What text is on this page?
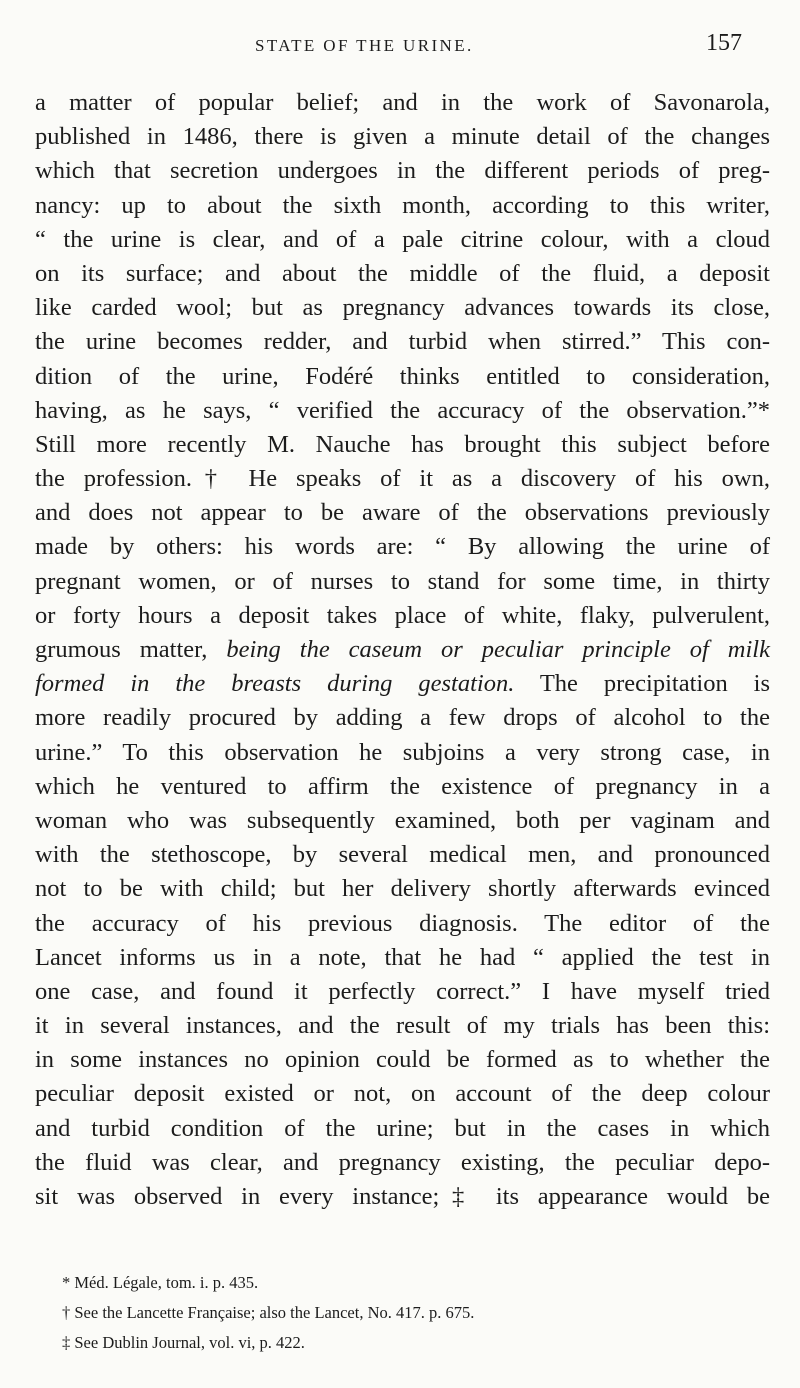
STATE OF THE URINE.	157
a matter of popular belief; and in the work of Savonarola,
published in 1486, there is given a minute detail of the changes
which that secretion undergoes in the different periods of preg-
nancy: up to about the sixth month, according to this writer,
“ the urine is clear, and of a pale citrine colour, with a cloud
on its surface; and about the middle of the fluid, a deposit
like carded wool; but as pregnancy advances towards its close,
the urine becomes redder, and turbid when stirred.” This con-
dition of the urine, Fodéré thinks entitled to consideration,
having, as he says, “ verified the accuracy of the observation.”*
Still more recently M. Nauche has brought this subject before
the profession.† He speaks of it as a discovery of his own,
and does not appear to be aware of the observations previously
made by others: his words are: “ By allowing the urine of
pregnant women, or of nurses to stand for some time, in thirty
or forty hours a deposit takes place of white, flaky, pulverulent,
grumous matter, being the caseum or peculiar principle of milk
formed in the breasts during gestation. The precipitation is
more readily procured by adding a few drops of alcohol to the
urine.” To this observation he subjoins a very strong case, in
which he ventured to affirm the existence of pregnancy in a
woman who was subsequently examined, both per vaginam and
with the stethoscope, by several medical men, and pronounced
not to be with child; but her delivery shortly afterwards evinced
the accuracy of his previous diagnosis. The editor of the
Lancet informs us in a note, that he had “ applied the test in
one case, and found it perfectly correct.” I have myself tried
it in several instances, and the result of my trials has been this:
in some instances no opinion could be formed as to whether the
peculiar deposit existed or not, on account of the deep colour
and turbid condition of the urine; but in the cases in which
the fluid was clear, and pregnancy existing, the peculiar depo-
sit was observed in every instance;‡ its appearance would be
* Méd. Légale, tom. i. p. 435.
† See the Lancette Française; also the Lancet, No. 417. p. 675.
‡ See Dublin Journal, vol. vi, p. 422.
